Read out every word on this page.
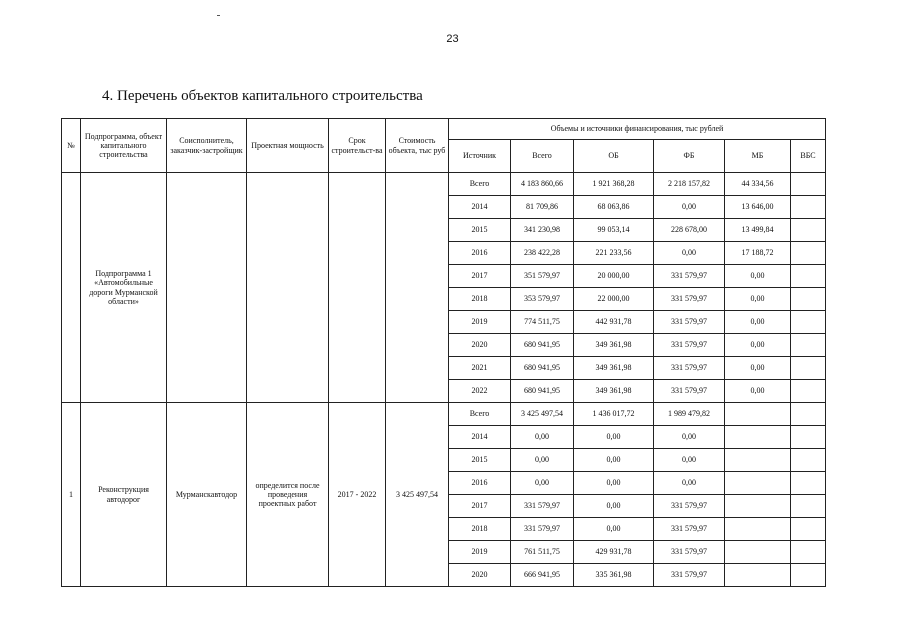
23
4. Перечень объектов капитального строительства
№	Подпрограмма, объект капитального строительства	Соисполнитель, заказчик-застройщик	Проектная мощность	Срок строительст-ва	Стоимость объекта, тыс руб	Объемы и источники финансирования, тыс рублей					
						Источник	Всего	ОБ	ФБ	МБ	ВБС
	Подпрограмма 1 «Автомобильные дороги Мурманской области»					Всего	4 183 860,66	1 921 368,28	2 218 157,82	44 334,56	
						2014	81 709,86	68 063,86	0,00	13 646,00	
						2015	341 230,98	99 053,14	228 678,00	13 499,84	
						2016	238 422,28	221 233,56	0,00	17 188,72	
						2017	351 579,97	20 000,00	331 579,97	0,00	
						2018	353 579,97	22 000,00	331 579,97	0,00	
						2019	774 511,75	442 931,78	331 579,97	0,00	
						2020	680 941,95	349 361,98	331 579,97	0,00	
						2021	680 941,95	349 361,98	331 579,97	0,00	
						2022	680 941,95	349 361,98	331 579,97	0,00	
1	Реконструкция автодорог	Мурманскавтодор	определится после проведения проектных работ	2017 - 2022	3 425 497,54	Всего	3 425 497,54	1 436 017,72	1 989 479,82		
						2014	0,00	0,00	0,00		
						2015	0,00	0,00	0,00		
						2016	0,00	0,00	0,00		
						2017	331 579,97	0,00	331 579,97		
						2018	331 579,97	0,00	331 579,97		
						2019	761 511,75	429 931,78	331 579,97		
						2020	666 941,95	335 361,98	331 579,97		
